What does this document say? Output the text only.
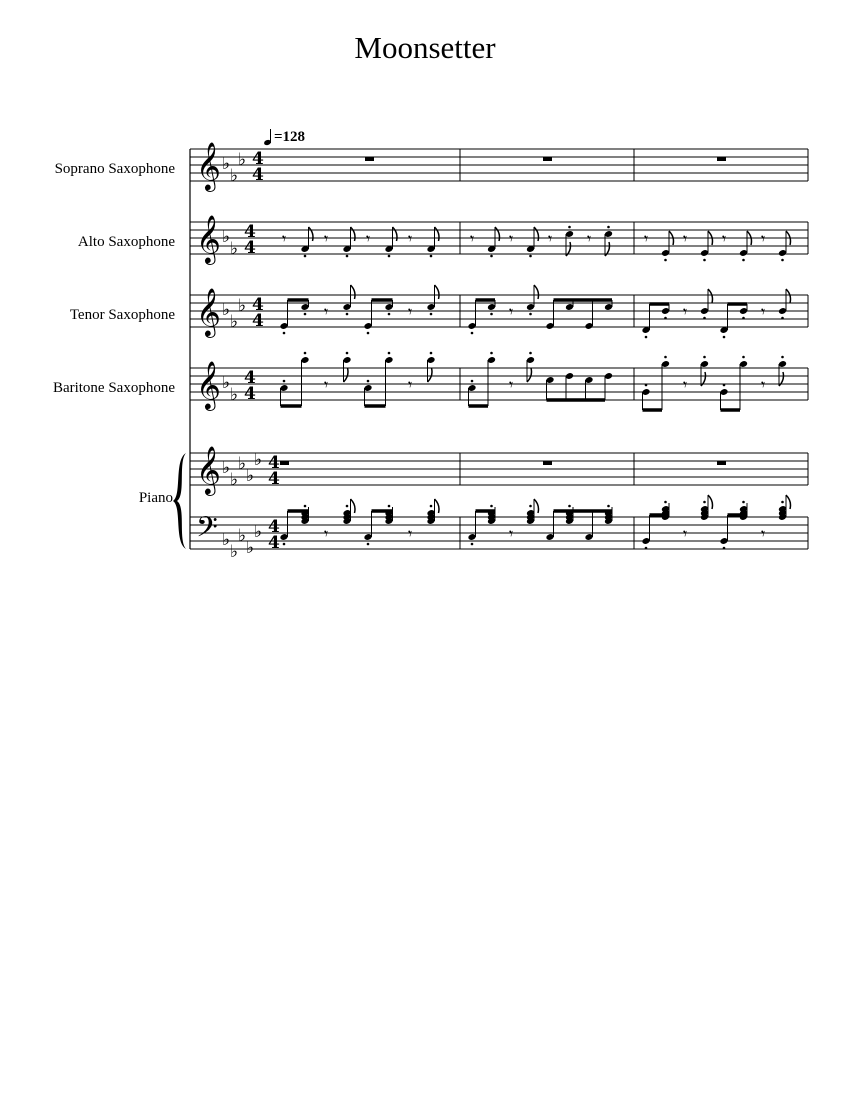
Moonsetter
=128
Soprano Saxophone
Alto Saxophone
Tenor Saxophone
Baritone Saxophone
Piano
𝄞 ♭
♭
♭ 4
4
𝄞 ♭
♭
4
4
𝄞 ♭
♭
♭ 4
4
𝄞 ♭
♭
4
4
𝄞 ♭
♭
♭
♭
♭ 4
4
𝄢 ♭
♭
♭
♭
♭ 4
4
𝄾 𝄾 𝄾 𝄾	𝄾 𝄾 𝄾 𝄾	𝄾 𝄾 𝄾 𝄾
𝄾	𝄾	𝄾	𝄾	𝄾
𝄾	𝄾	𝄾	𝄾	𝄾
𝄾	𝄾	𝄾	𝄾	𝄾
